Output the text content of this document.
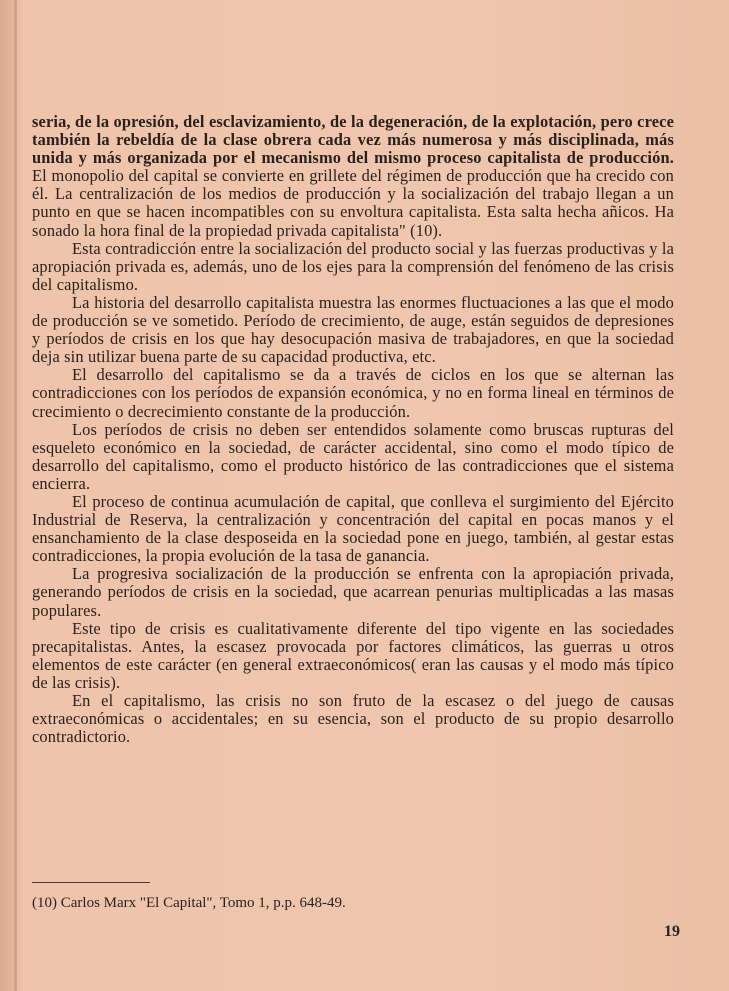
seria, de la opresión, del esclavizamiento, de la degeneración, de la explotación, pero crece también la rebeldía de la clase obrera cada vez más numerosa y más disciplinada, más unida y más organizada por el mecanismo del mismo proceso capitalista de producción. El monopolio del capital se convierte en grillete del régimen de producción que ha crecido con él. La centralización de los medios de producción y la socialización del trabajo llegan a un punto en que se hacen incompatibles con su envoltura capitalista. Esta salta hecha añicos. Ha sonado la hora final de la propiedad privada capitalista" (10).

Esta contradicción entre la socialización del producto social y las fuerzas productivas y la apropiación privada es, además, uno de los ejes para la comprensión del fenómeno de las crisis del capitalismo.

La historia del desarrollo capitalista muestra las enormes fluctuaciones a las que el modo de producción se ve sometido. Período de crecimiento, de auge, están seguidos de depresiones y períodos de crisis en los que hay desocupación masiva de trabajadores, en que la sociedad deja sin utilizar buena parte de su capacidad productiva, etc.

El desarrollo del capitalismo se da a través de ciclos en los que se alternan las contradicciones con los períodos de expansión económica, y no en forma lineal en términos de crecimiento o decrecimiento constante de la producción.

Los períodos de crisis no deben ser entendidos solamente como bruscas rupturas del esqueleto económico en la sociedad, de carácter accidental, sino como el modo típico de desarrollo del capitalismo, como el producto histórico de las contradicciones que el sistema encierra.

El proceso de continua acumulación de capital, que conlleva el surgimiento del Ejército Industrial de Reserva, la centralización y concentración del capital en pocas manos y el ensanchamiento de la clase desposeida en la sociedad pone en juego, también, al gestar estas contradicciones, la propia evolución de la tasa de ganancia.

La progresiva socialización de la producción se enfrenta con la apropiación privada, generando períodos de crisis en la sociedad, que acarrean penurias multiplicadas a las masas populares.

Este tipo de crisis es cualitativamente diferente del tipo vigente en las sociedades precapitalistas. Antes, la escasez provocada por factores climáticos, las guerras u otros elementos de este carácter (en general extraeconómicos( eran las causas y el modo más típico de las crisis).

En el capitalismo, las crisis no son fruto de la escasez o del juego de causas extraeconómicas o accidentales; en su esencia, son el producto de su propio desarrollo contradictorio.

(10) Carlos Marx "El Capital", Tomo 1, p.p. 648-49.
19
